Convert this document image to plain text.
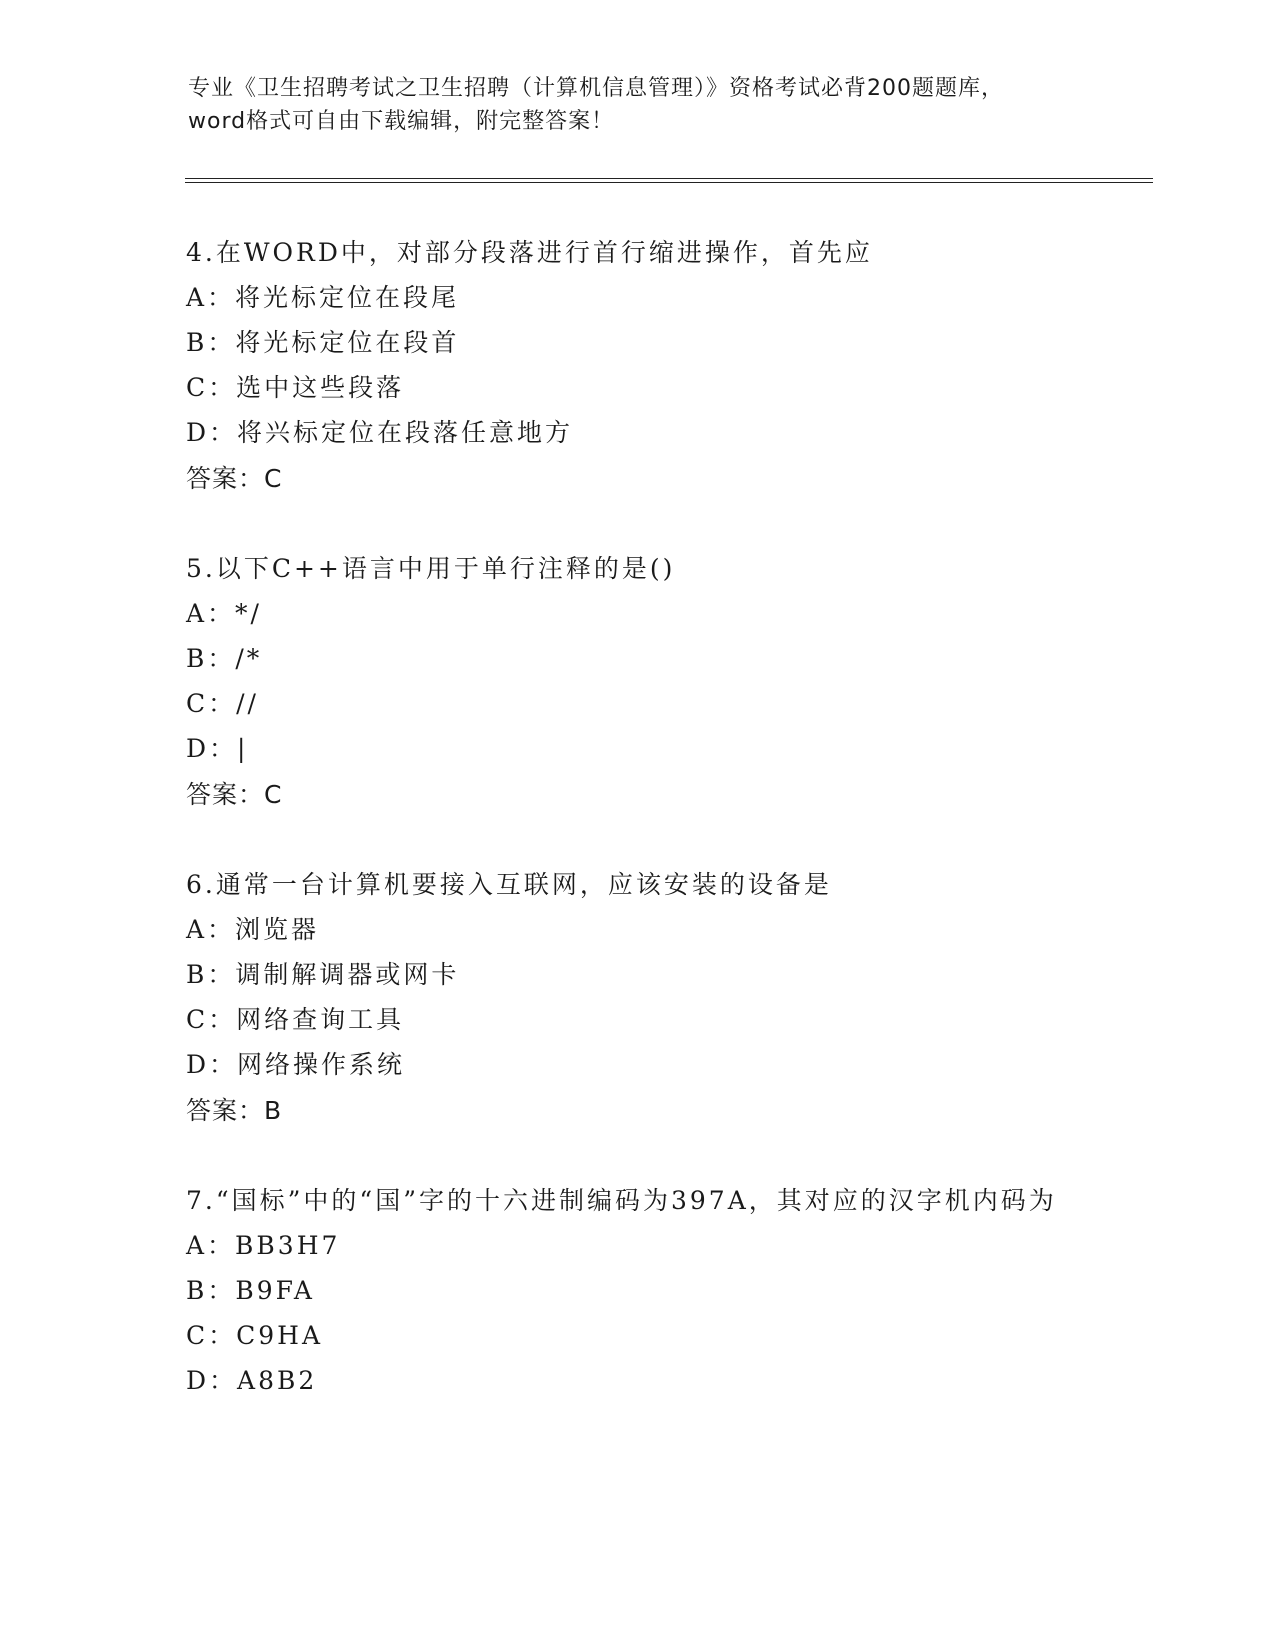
专业《卫生招聘考试之卫生招聘（计算机信息管理）》资格考试必背200题题库，
word格式可自由下载编辑，附完整答案！
4.在WORD中，对部分段落进行首行缩进操作，首先应
A：将光标定位在段尾
B：将光标定位在段首
C：选中这些段落
D：将兴标定位在段落任意地方
答案：C
5.以下C++语言中用于单行注释的是()
A：*/
B：/*
C：//
D：|
答案：C
6.通常一台计算机要接入互联网，应该安装的设备是
A：浏览器
B：调制解调器或网卡
C：网络查询工具
D：网络操作系统
答案：B
7.“国标”中的“国”字的十六进制编码为397A，其对应的汉字机内码为
A：BB3H7
B：B9FA
C：C9HA
D：A8B2
